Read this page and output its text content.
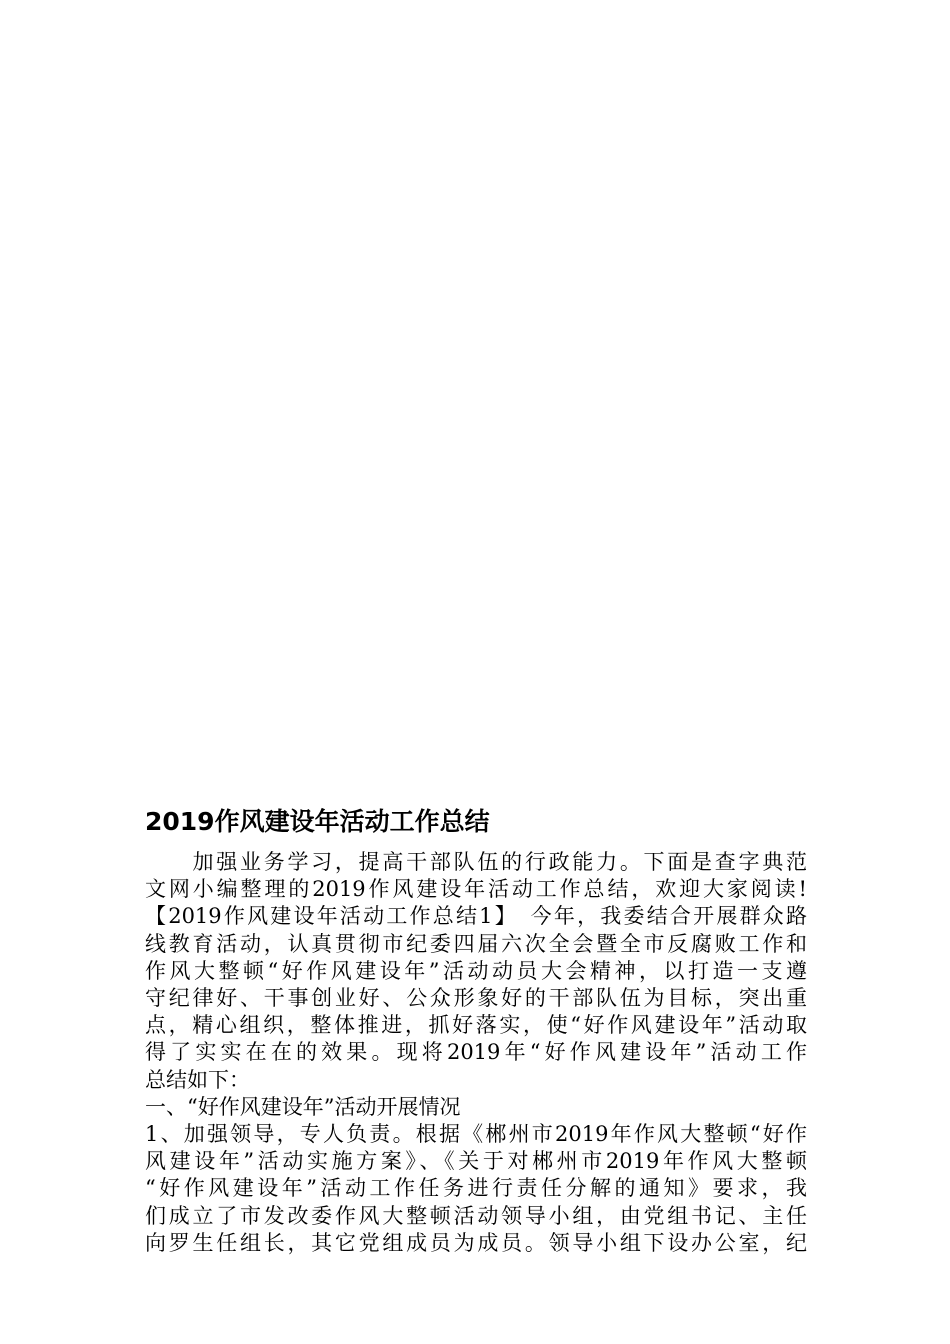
2019作风建设年活动工作总结
　　加强业务学习，提高干部队伍的行政能力。下面是查字典范
文网小编整理的2019作风建设年活动工作总结，欢迎大家阅读!
【2019作风建设年活动工作总结1】　今年，我委结合开展群众路
线教育活动，认真贯彻市纪委四届六次全会暨全市反腐败工作和
作风大整顿“好作风建设年”活动动员大会精神，以打造一支遵
守纪律好、干事创业好、公众形象好的干部队伍为目标，突出重
点，精心组织，整体推进，抓好落实，使“好作风建设年”活动取
得了实实在在的效果。现将2019年“好作风建设年”活动工作
总结如下：
一、“好作风建设年”活动开展情况
1、加强领导，专人负责。根据《郴州市2019年作风大整顿“好作
风建设年”活动实施方案》、《关于对郴州市2019年作风大整顿
“好作风建设年”活动工作任务进行责任分解的通知》要求，我
们成立了市发改委作风大整顿活动领导小组，由党组书记、主任
向罗生任组长，其它党组成员为成员。领导小组下设办公室，纪
